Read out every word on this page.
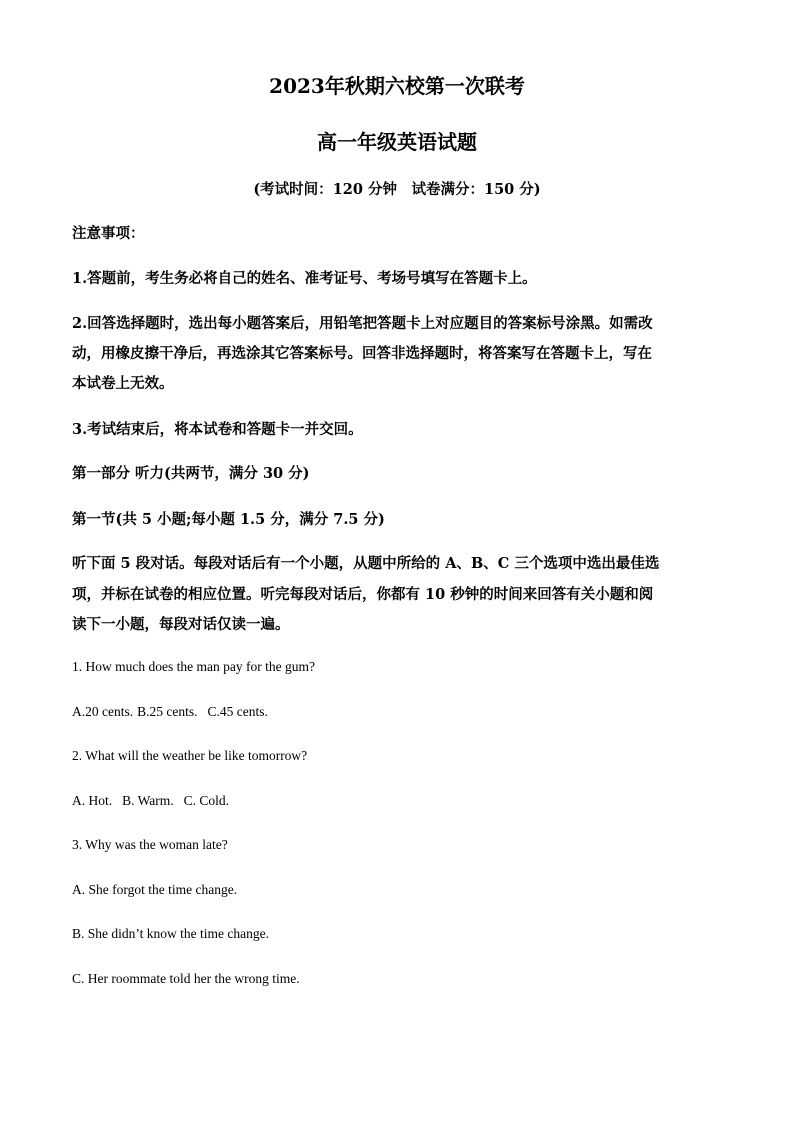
2023年秋期六校第一次联考
高一年级英语试题
(考试时间：120 分钟　试卷满分：150 分)
注意事项：
1.答题前，考生务必将自己的姓名、准考证号、考场号填写在答题卡上。
2.回答选择题时，选出每小题答案后，用铅笔把答题卡上对应题目的答案标号涂黑。如需改
动，用橡皮擦干净后，再选涂其它答案标号。回答非选择题时，将答案写在答题卡上，写在
本试卷上无效。
3.考试结束后，将本试卷和答题卡一并交回。
第一部分 听力(共两节，满分 30 分)
第一节(共 5 小题;每小题 1.5 分，满分 7.5 分)
听下面 5 段对话。每段对话后有一个小题，从题中所给的 A、B、C 三个选项中选出最佳选
项，并标在试卷的相应位置。听完每段对话后，你都有 10 秒钟的时间来回答有关小题和阅
读下一小题，每段对话仅读一遍。
1. How much does the man pay for the gum?
A.20 cents. B.25 cents. C.45 cents.
2. What will the weather be like tomorrow?
A. Hot. B. Warm. C. Cold.
3. Why was the woman late?
A. She forgot the time change.
B. She didn’t know the time change.
C. Her roommate told her the wrong time.
